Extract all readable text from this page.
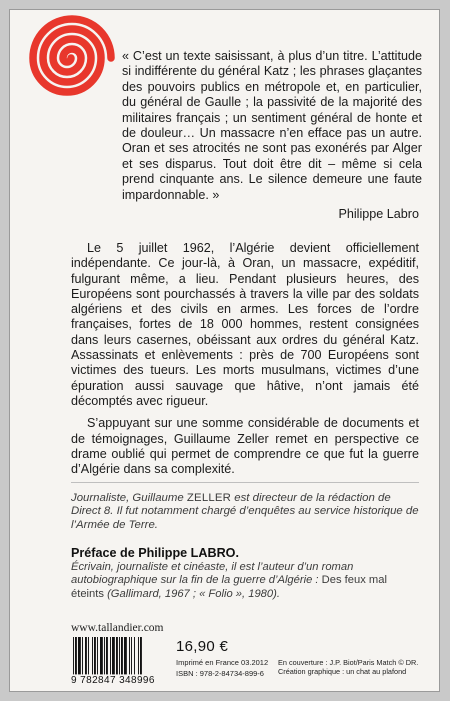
« C’est un texte saisissant, à plus d’un titre. L’attitude si indifférente du général Katz ; les phrases glaçantes des pouvoirs publics en métropole et, en particulier, du général de Gaulle ; la passivité de la majorité des militaires français ; un sentiment général de honte et de douleur… Un massacre n’en efface pas un autre. Oran et ses atrocités ne sont pas exonérés par Alger et ses disparus. Tout doit être dit – même si cela prend cinquante ans. Le silence demeure une faute impardonnable. »
Philippe Labro

Le 5 juillet 1962, l’Algérie devient officiellement indépendante. Ce jour-là, à Oran, un massacre, expéditif, fulgurant même, a lieu. Pendant plusieurs heures, des Européens sont pourchassés à travers la ville par des soldats algériens et des civils en armes. Les forces de l’ordre françaises, fortes de 18 000 hommes, restent consignées dans leurs casernes, obéissant aux ordres du général Katz. Assassinats et enlèvements : près de 700 Européens sont victimes des tueurs. Les morts musulmans, victimes d’une épuration aussi sauvage que hâtive, n’ont jamais été décomptés avec rigueur.

S’appuyant sur une somme considérable de documents et de témoignages, Guillaume Zeller remet en perspective ce drame oublié qui permet de comprendre ce que fut la guerre d’Algérie dans sa complexité.

Journaliste, Guillaume ZELLER est directeur de la rédaction de Direct 8. Il fut notamment chargé d’enquêtes au service historique de l’Armée de Terre.
Préface de Philippe LABRO.
Écrivain, journaliste et cinéaste, il est l’auteur d’un roman autobiographique sur la fin de la guerre d’Algérie : Des feux mal éteints (Gallimard, 1967 ; « Folio », 1980).
www.tallandier.com
9 782847 348996
16,90 €
Imprimé en France 03.2012
ISBN : 978-2-84734-899-6
En couverture : J.P. Biot/Paris Match © DR.
Création graphique : un chat au plafond
